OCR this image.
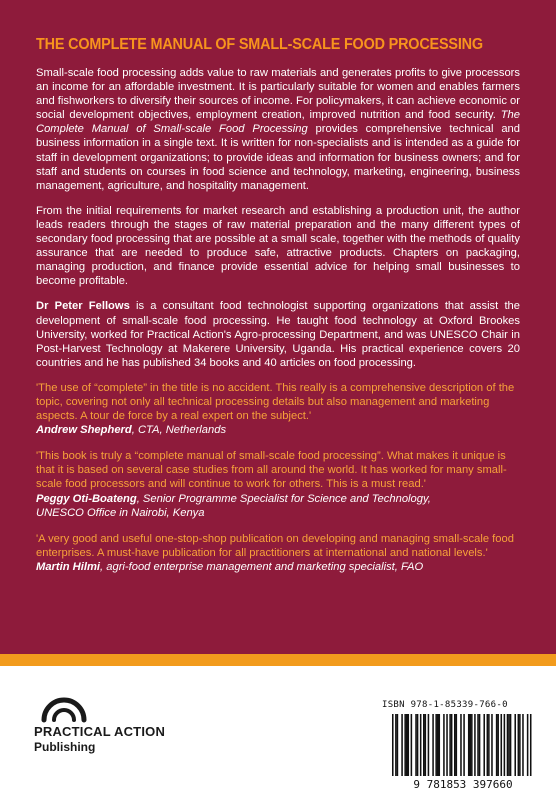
THE COMPLETE MANUAL OF SMALL-SCALE FOOD PROCESSING

Small-scale food processing adds value to raw materials and generates profits to give processors an income for an affordable investment. It is particularly suitable for women and enables farmers and fishworkers to diversify their sources of income. For policymakers, it can achieve economic or social development objectives, employment creation, improved nutrition and food security. The Complete Manual of Small-scale Food Processing provides comprehensive technical and business information in a single text. It is written for non-specialists and is intended as a guide for staff in development organizations; to provide ideas and information for business owners; and for staff and students on courses in food science and technology, marketing, engineering, business management, agriculture, and hospitality management.

From the initial requirements for market research and establishing a production unit, the author leads readers through the stages of raw material preparation and the many different types of secondary food processing that are possible at a small scale, together with the methods of quality assurance that are needed to produce safe, attractive products. Chapters on packaging, managing production, and finance provide essential advice for helping small businesses to become profitable.

Dr Peter Fellows is a consultant food technologist supporting organizations that assist the development of small-scale food processing. He taught food technology at Oxford Brookes University, worked for Practical Action's Agro-processing Department, and was UNESCO Chair in Post-Harvest Technology at Makerere University, Uganda. His practical experience covers 20 countries and he has published 34 books and 40 articles on food processing.

'The use of “complete” in the title is no accident. This really is a comprehensive description of the topic, covering not only all technical processing details but also management and marketing aspects. A tour de force by a real expert on the subject.'

Andrew Shepherd, CTA, Netherlands

'This book is truly a “complete manual of small-scale food processing”. What makes it unique is that it is based on several case studies from all around the world. It has worked for many small-scale food processors and will continue to work for others. This is a must read.'

Peggy Oti-Boateng, Senior Programme Specialist for Science and Technology,
UNESCO Office in Nairobi, Kenya

'A very good and useful one-stop-shop publication on developing and managing small-scale food enterprises. A must-have publication for all practitioners at international and national levels.'

Martin Hilmi, agri-food enterprise management and marketing specialist, FAO
PRACTICAL ACTION
Publishing
ISBN 978-1-85339-766-0
9 781853 397660
